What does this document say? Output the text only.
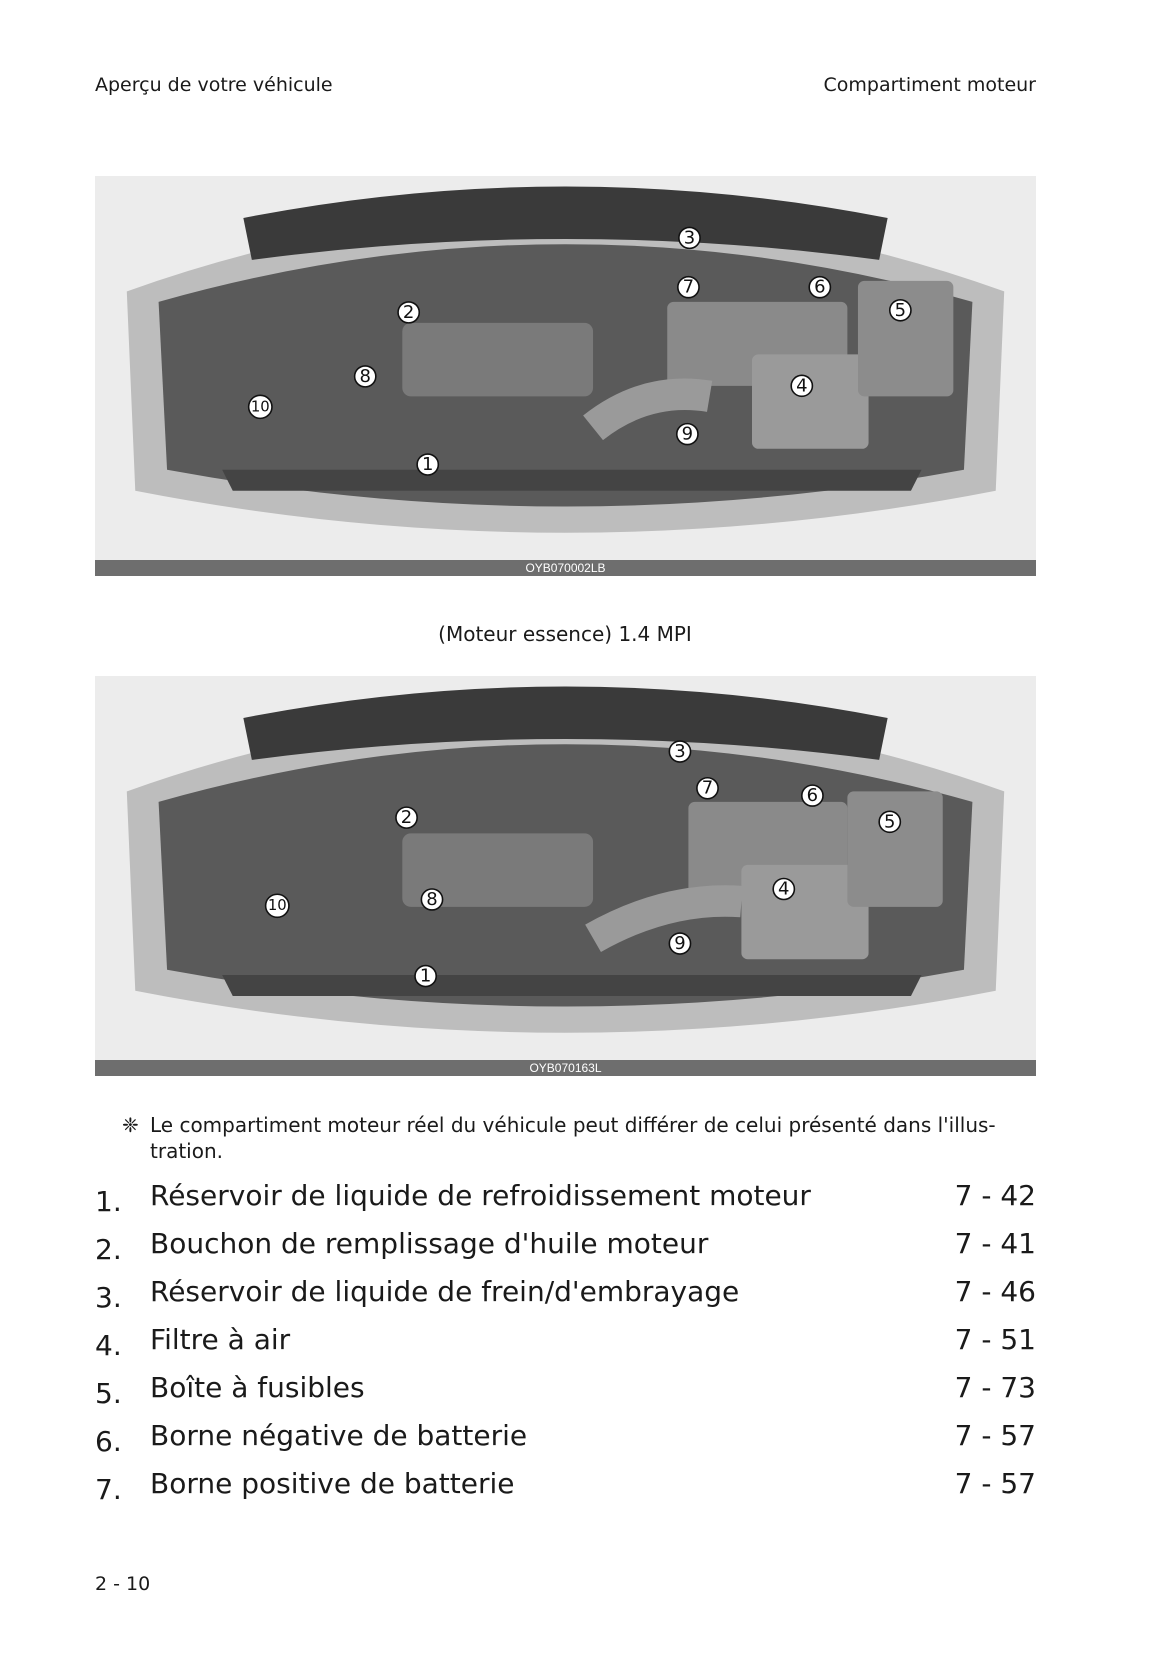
Aperçu de votre véhicule	Compartiment moteur
1
2
3
4
5
6
7
8
9
10
OYB070002LB
(Moteur essence) 1.4 MPI
1
2
3
4
5
6
7
8
9
10
OYB070163L
❈ Le compartiment moteur réel du véhicule peut différer de celui présenté dans l'illus-tration.
1. Réservoir de liquide de refroidissement moteur	7 - 42
2. Bouchon de remplissage d'huile moteur	7 - 41
3. Réservoir de liquide de frein/d'embrayage	7 - 46
4. Filtre à air	7 - 51
5. Boîte à fusibles	7 - 73
6. Borne négative de batterie	7 - 57
7. Borne positive de batterie	7 - 57
2 - 10
